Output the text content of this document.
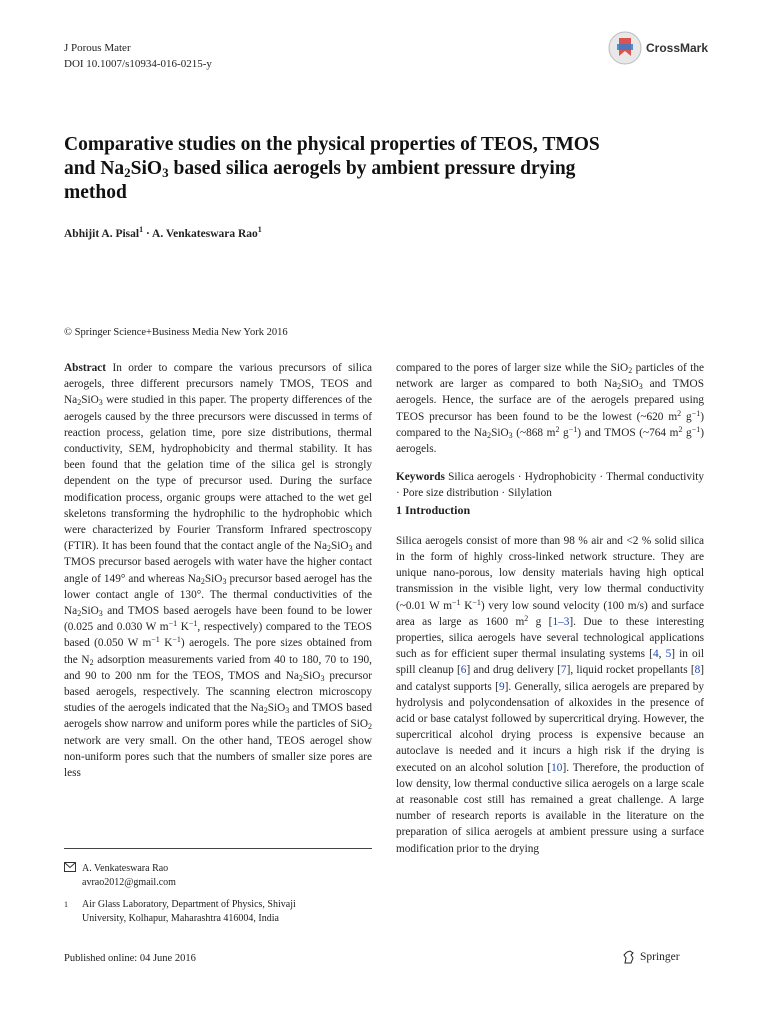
J Porous Mater
DOI 10.1007/s10934-016-0215-y
CrossMark
Comparative studies on the physical properties of TEOS, TMOS
and $Na_2SiO_3$ based silica aerogels by ambient pressure drying
method
Abhijit A. Pisal$^1$ · A. Venkateswara Rao$^1$
© Springer Science+Business Media New York 2016

Abstract In order to compare the various precursors of silica aerogels, three different precursors namely TMOS, TEOS and $Na_2SiO_3$ were studied in this paper. The property differences of the aerogels caused by the three precursors were discussed in terms of reaction process, gelation time, pore size distributions, thermal conductivity, SEM, hydrophobicity and thermal stability. It has been found that the gelation time of the silica gel is strongly dependent on the type of precursor used. During the surface modification process, organic groups were attached to the wet gel skeletons transforming the hydrophilic to the hydrophobic which were characterized by Fourier Transform Infrared spectroscopy (FTIR). It has been found that the contact angle of the $Na_2SiO_3$ and TMOS precursor based aerogels with water have the higher contact angle of 149° and whereas $Na_2SiO_3$ precursor based aerogel has the lower contact angle of 130°. The thermal conductivities of the $Na_2SiO_3$ and TMOS based aerogels have been found to be lower (0.025 and 0.030 W $m^{-1}$ $K^{-1}$, respectively) compared to the TEOS based (0.050 W $m^{-1}$ $K^{-1}$) aerogels. The pore sizes obtained from the $N_2$ adsorption measurements varied from 40 to 180, 70 to 190, and 90 to 200 nm for the TEOS, TMOS and $Na_2SiO_3$ precursor based aerogels, respectively. The scanning electron microscopy studies of the aerogels indicated that the $Na_2SiO_3$ and TMOS based aerogels show narrow and uniform pores while the particles of SiO$_2$ network are very small. On the other hand, TEOS aerogel show non-uniform pores such that the numbers of smaller size pores are less

compared to the pores of larger size while the SiO$_2$ particles of the network are larger as compared to both $Na_2SiO_3$ and TMOS aerogels. Hence, the surface are of the aerogels prepared using TEOS precursor has been found to be the lowest (~620 $m^2$ $g^{-1}$) compared to the $Na_2SiO_3$ (~868 $m^2$ $g^{-1}$) and TMOS (~764 $m^2$ $g^{-1}$) aerogels.

Keywords Silica aerogels · Hydrophobicity · Thermal conductivity · Pore size distribution · Silylation

1 Introduction

Silica aerogels consist of more than 98 % air and <2 % solid silica in the form of highly cross-linked network structure. They are unique nano-porous, low density materials having high optical transmission in the visible light, very low thermal conductivity (~0.01 W $m^{-1}$ $K^{-1}$) very low sound velocity (100 m/s) and surface area as large as 1600 $m^2$ g [1–3]. Due to these interesting properties, silica aerogels have several technological applications such as for efficient super thermal insulating systems [4, 5] in oil spill cleanup [6] and drug delivery [7], liquid rocket propellants [8] and catalyst supports [9]. Generally, silica aerogels are prepared by hydrolysis and polycondensation of alkoxides in the presence of acid or base catalyst followed by supercritical drying. However, the supercritical alcohol drying process is expensive because an autoclave is needed and it incurs a high risk if the drying is executed on an alcohol solution [10]. Therefore, the production of low density, low thermal conductive silica aerogels on a large scale at reasonable cost still has remained a great challenge. A large number of research reports is available in the literature on the preparation of silica aerogels at ambient pressure using a surface modification prior to the drying

A. Venkateswara Rao
avrao2012@gmail.com
1 Air Glass Laboratory, Department of Physics, Shivaji
University, Kolhapur, Maharashtra 416004, India
Published online: 04 June 2016	Springer
